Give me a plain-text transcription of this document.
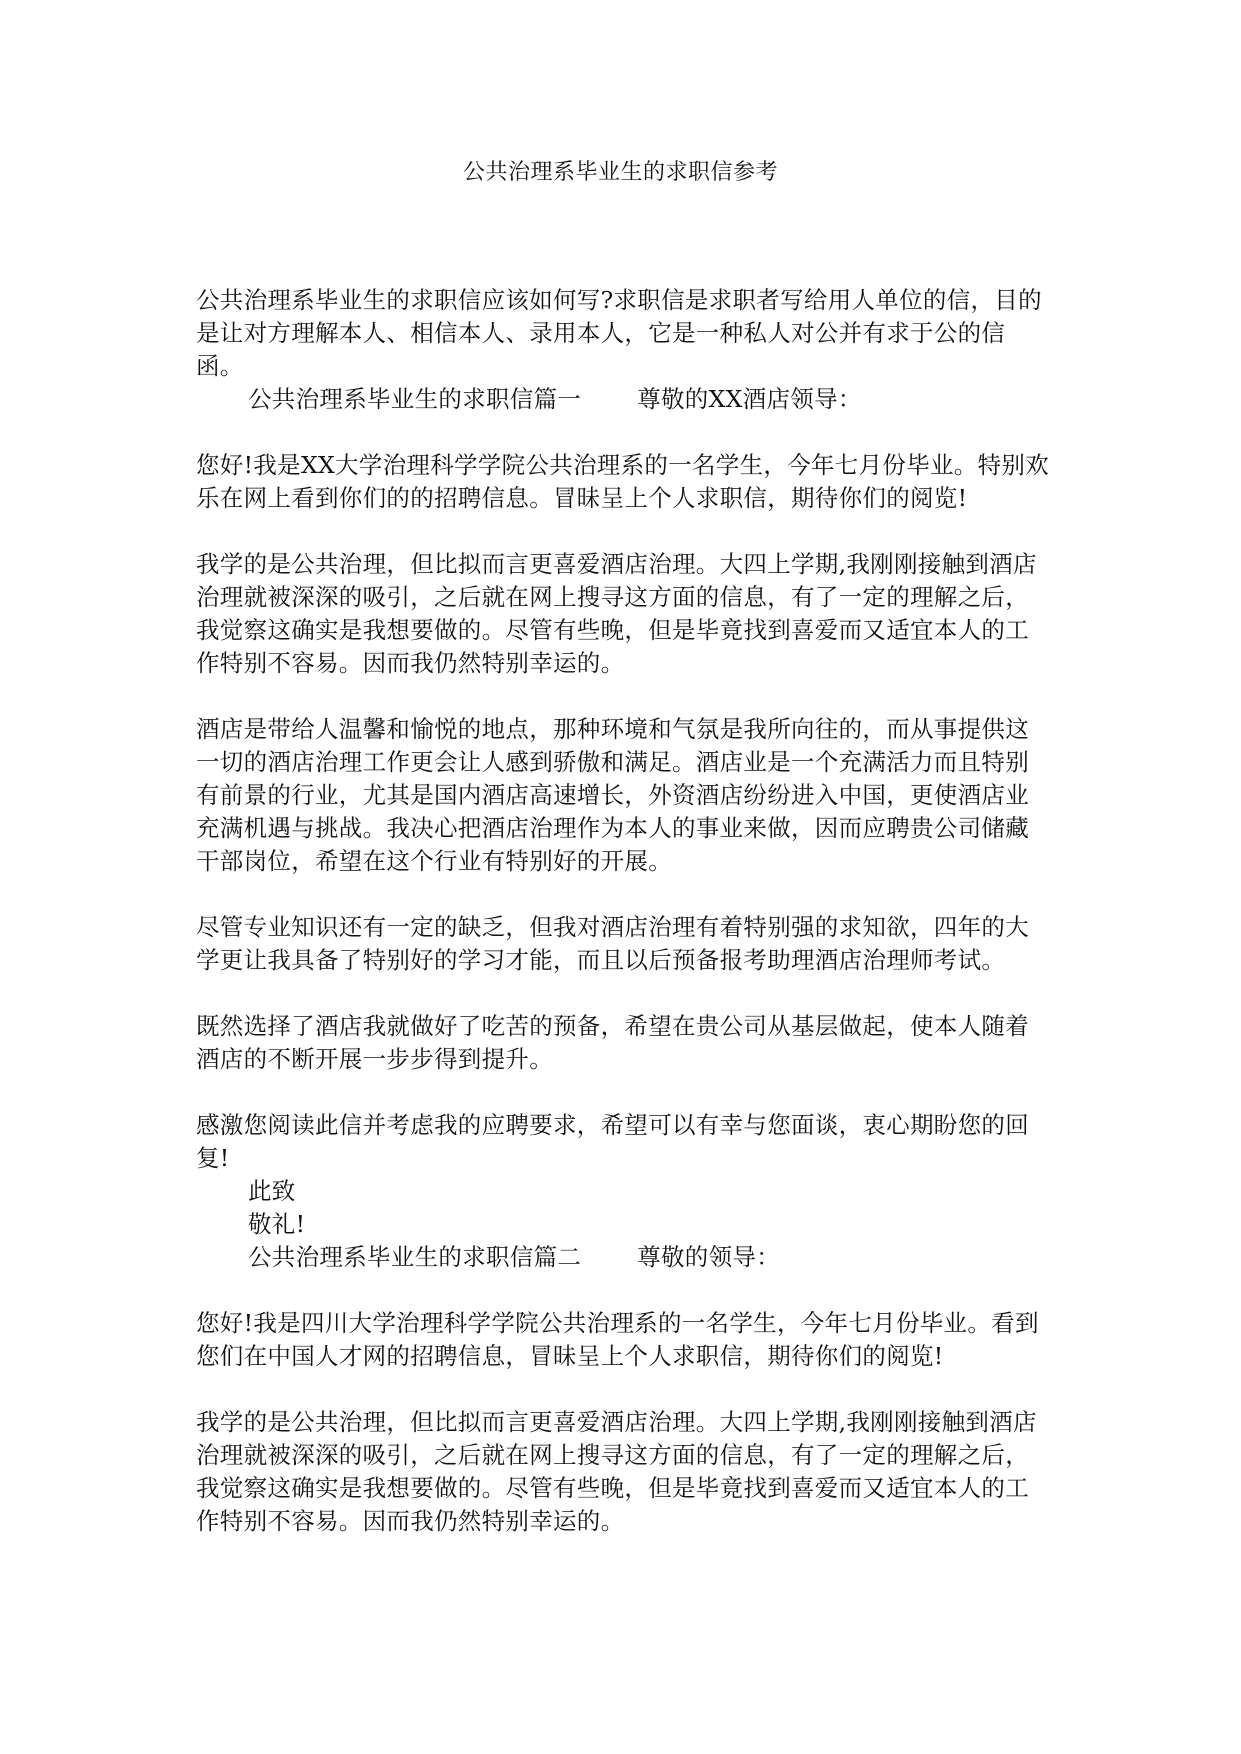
公共治理系毕业生的求职信参考

公共治理系毕业生的求职信应该如何写?求职信是求职者写给用人单位的信，目的是让对方理解本人、相信本人、录用本人，它是一种私人对公并有求于公的信函。

公共治理系毕业生的求职信篇一 尊敬的XX酒店领导：

您好!我是XX大学治理科学学院公共治理系的一名学生，今年七月份毕业。特别欢乐在网上看到你们的的招聘信息。冒昧呈上个人求职信，期待你们的阅览!

我学的是公共治理，但比拟而言更喜爱酒店治理。大四上学期,我刚刚接触到酒店治理就被深深的吸引，之后就在网上搜寻这方面的信息，有了一定的理解之后，我觉察这确实是我想要做的。尽管有些晚，但是毕竟找到喜爱而又适宜本人的工作特别不容易。因而我仍然特别幸运的。

酒店是带给人温馨和愉悦的地点，那种环境和气氛是我所向往的，而从事提供这一切的酒店治理工作更会让人感到骄傲和满足。酒店业是一个充满活力而且特别有前景的行业，尤其是国内酒店高速增长，外资酒店纷纷进入中国，更使酒店业充满机遇与挑战。我决心把酒店治理作为本人的事业来做，因而应聘贵公司储藏干部岗位，希望在这个行业有特别好的开展。

尽管专业知识还有一定的缺乏，但我对酒店治理有着特别强的求知欲，四年的大学更让我具备了特别好的学习才能，而且以后预备报考助理酒店治理师考试。

既然选择了酒店我就做好了吃苦的预备，希望在贵公司从基层做起，使本人随着酒店的不断开展一步步得到提升。

感激您阅读此信并考虑我的应聘要求，希望可以有幸与您面谈，衷心期盼您的回复!

此致

敬礼!

公共治理系毕业生的求职信篇二 尊敬的领导：

您好!我是四川大学治理科学学院公共治理系的一名学生，今年七月份毕业。看到您们在中国人才网的招聘信息，冒昧呈上个人求职信，期待你们的阅览!

我学的是公共治理，但比拟而言更喜爱酒店治理。大四上学期,我刚刚接触到酒店治理就被深深的吸引，之后就在网上搜寻这方面的信息，有了一定的理解之后，我觉察这确实是我想要做的。尽管有些晚，但是毕竟找到喜爱而又适宜本人的工作特别不容易。因而我仍然特别幸运的。
